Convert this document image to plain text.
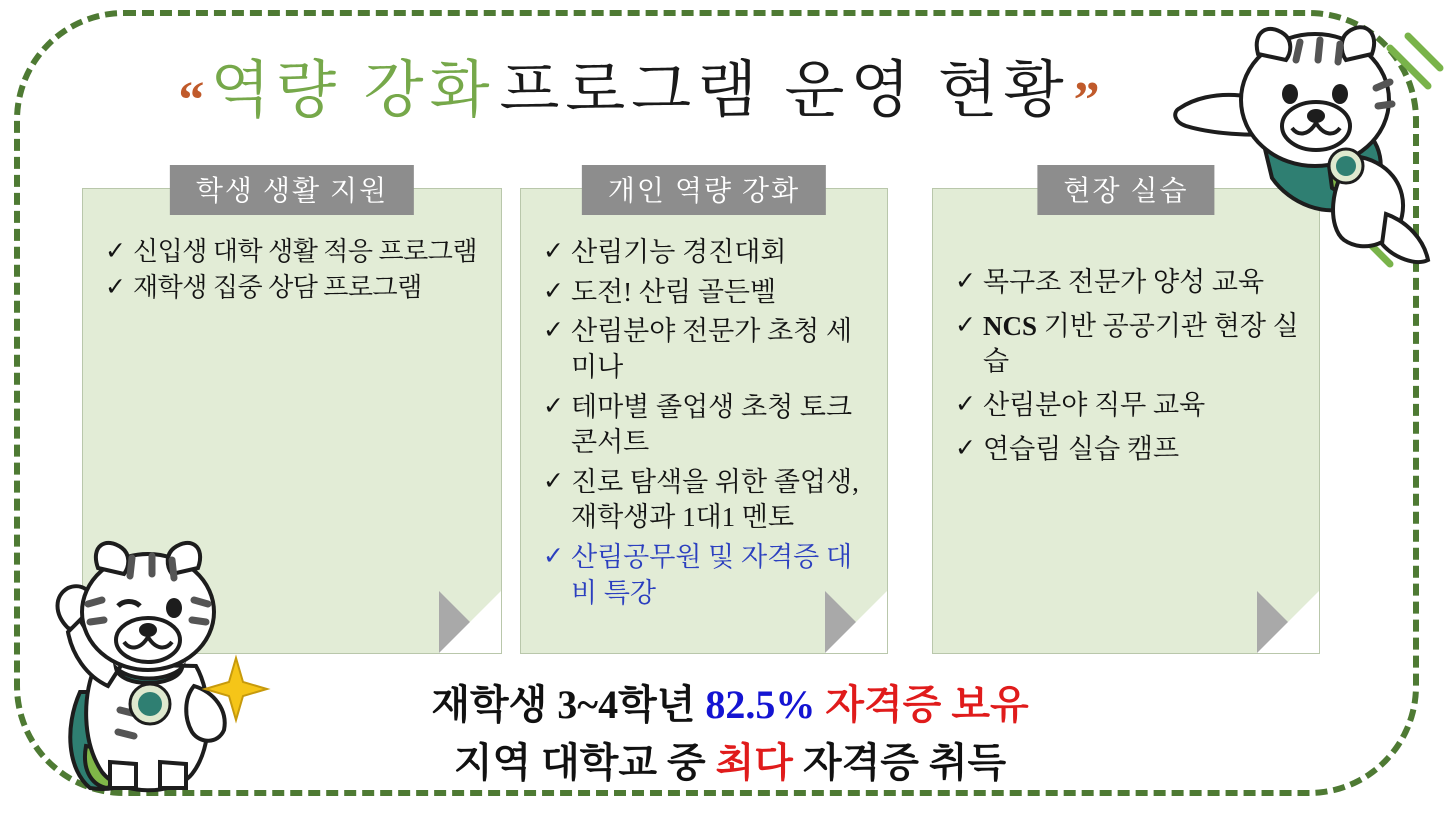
“ 역량 강화 프로그램 운영 현황 ”
학생 생활 지원
✓ 신입생 대학 생활 적응 프로그램
✓ 재학생 집중 상담 프로그램
개인 역량 강화
✓ 산림기능 경진대회
✓ 도전! 산림 골든벨
✓ 산림분야 전문가 초청 세미나
✓ 테마별 졸업생 초청 토크 콘서트
✓ 진로 탐색을 위한 졸업생, 재학생과 1대1 멘토
✓ 산림공무원 및 자격증 대비 특강
현장 실습
✓ 목구조 전문가 양성 교육
✓ NCS 기반 공공기관 현장 실습
✓ 산림분야 직무 교육
✓ 연습림 실습 캠프
재학생 3~4학년 82.5% 자격증 보유
지역 대학교 중 최다 자격증 취득
